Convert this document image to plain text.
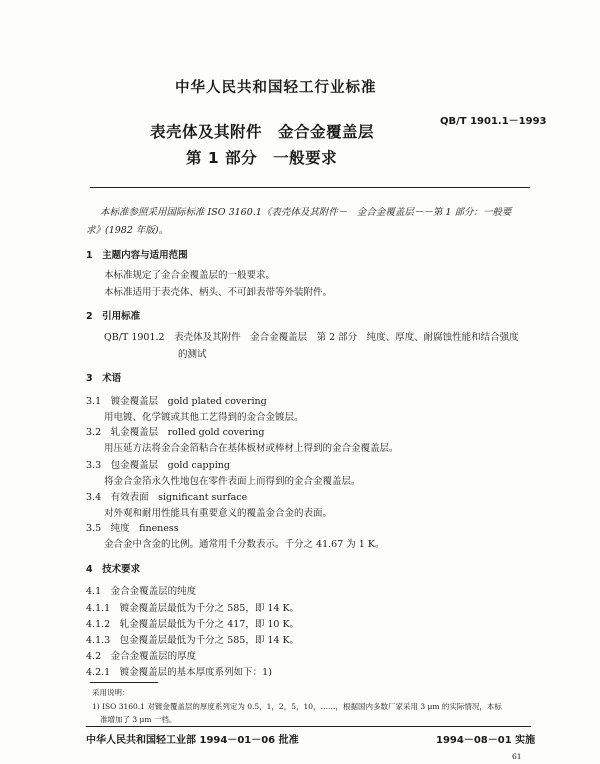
中华人民共和国轻工行业标准
QB/T 1901.1－1993
表壳体及其附件　金合金覆盖层
第 1 部分　一般要求
本标准参照采用国际标准 ISO 3160.1《表壳体及其附件－　金合金覆盖层－－第 1 部分：一般要
求》(1982 年版)。
1　主题内容与适用范围
本标准规定了金合金覆盖层的一般要求。
本标准适用于表壳体、柄头、不可卸表带等外装附件。
2　引用标准
QB/T 1901.2　表壳体及其附件　金合金覆盖层　第 2 部分　纯度、厚度、耐腐蚀性能和结合强度
的测试
3　术语
3.1　镀金覆盖层　gold plated covering
用电镀、化学镀或其他工艺得到的金合金镀层。
3.2　轧金覆盖层　rolled gold covering
用压延方法将金合金箔粘合在基体板材或棒材上得到的金合金覆盖层。
3.3　包金覆盖层　gold capping
将金合金箔永久性地包在零件表面上而得到的金合金覆盖层。
3.4　有效表面　significant surface
对外观和耐用性能具有重要意义的覆盖金合金的表面。
3.5　纯度　fineness
金合金中含金的比例。通常用千分数表示。千分之 41.67 为 1 K。
4　技术要求
4.1　金合金覆盖层的纯度
4.1.1　镀金覆盖层最低为千分之 585，即 14 K。
4.1.2　轧金覆盖层最低为千分之 417，即 10 K。
4.1.3　包金覆盖层最低为千分之 585，即 14 K。
4.2　金合金覆盖层的厚度
4.2.1　镀金覆盖层的基本厚度系列如下：1)
采用说明：
1) ISO 3160.1 对镀金覆盖层的厚度系列定为 0.5，1，2，5，10，……，根据国内多数厂家采用 3 μm 的实际情况，本标
准增加了 3 μm 一档。
中华人民共和国轻工业部 1994－01－06 批准	1994－08－01 实施
61
